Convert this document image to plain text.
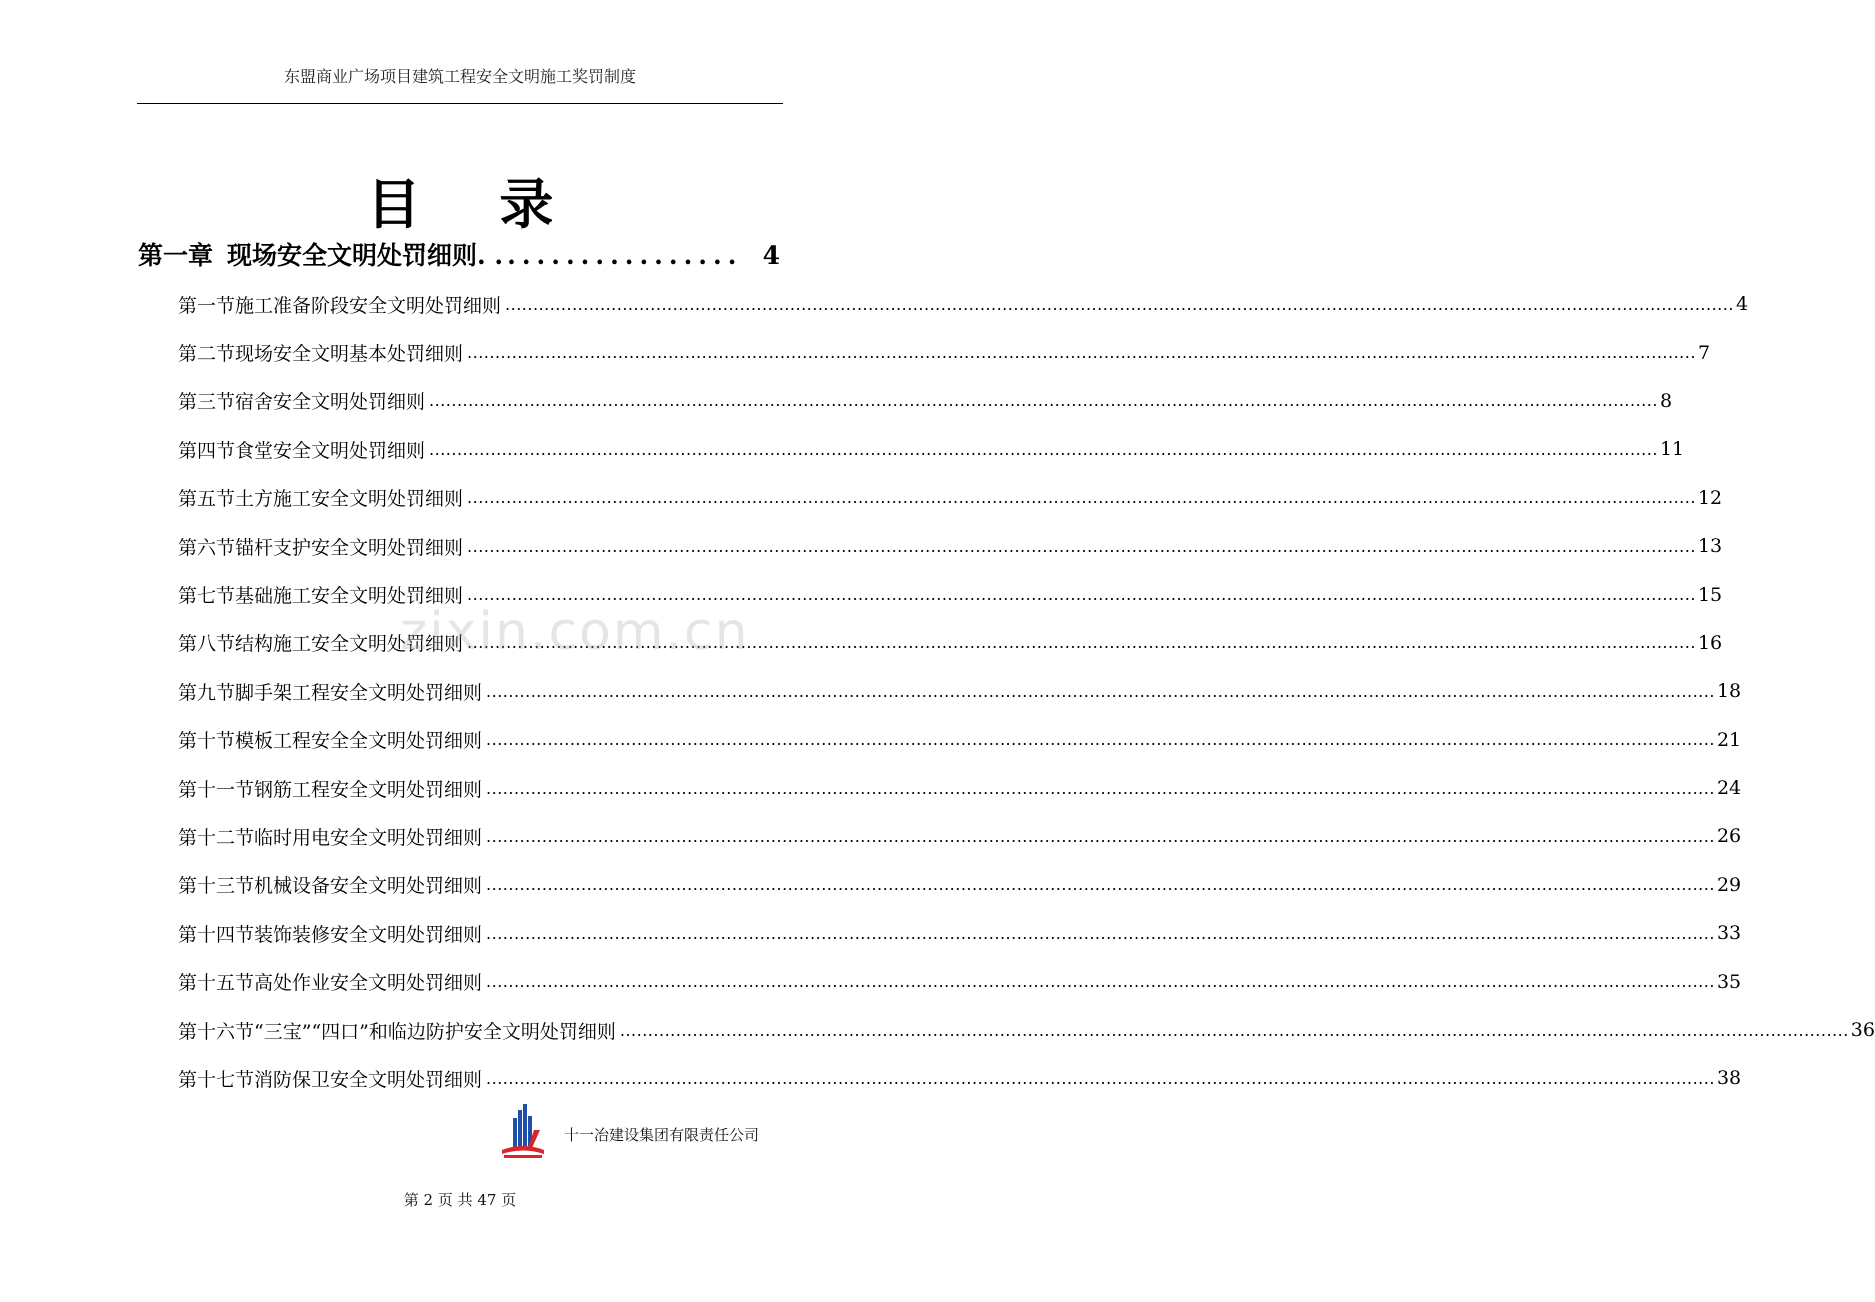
东盟商业广场项目建筑工程安全文明施工奖罚制度
目 录
第一章 现场安全文明处罚细则. . ................ 4
第一节 施工准备阶段安全文明处罚细则 ............................................................................................................................................................................................................................ 4
第二节 现场安全文明基本处罚细则 ............................................................................................................................................................................................................................ 7
第三节 宿舍安全文明处罚细则 ............................................................................................................................................................................................................................ 8
第四节 食堂安全文明处罚细则 ............................................................................................................................................................................................................................ 11
第五节 土方施工安全文明处罚细则 ............................................................................................................................................................................................................................ 12
第六节 锚杆支护安全文明处罚细则 ............................................................................................................................................................................................................................ 13
第七节 基础施工安全文明处罚细则 ............................................................................................................................................................................................................................ 15
第八节 结构施工安全文明处罚细则 ............................................................................................................................................................................................................................ 16
第九节 脚手架工程安全文明处罚细则 ............................................................................................................................................................................................................................ 18
第十节 模板工程安全全文明处罚细则 ............................................................................................................................................................................................................................ 21
第十一节 钢筋工程安全文明处罚细则 ............................................................................................................................................................................................................................ 24
第十二节 临时用电安全文明处罚细则 ............................................................................................................................................................................................................................ 26
第十三节 机械设备安全文明处罚细则 ............................................................................................................................................................................................................................ 29
第十四节 装饰装修安全文明处罚细则 ............................................................................................................................................................................................................................ 33
第十五节 高处作业安全文明处罚细则 ............................................................................................................................................................................................................................ 35
第十六节 “三宝”“四口”和临边防护安全文明处罚细则 ............................................................................................................................................................................................................................ 36
第十七节 消防保卫安全文明处罚细则 ............................................................................................................................................................................................................................ 38
zixin.com.cn
十一冶建设集团有限责任公司
第 2 页 共 47 页
